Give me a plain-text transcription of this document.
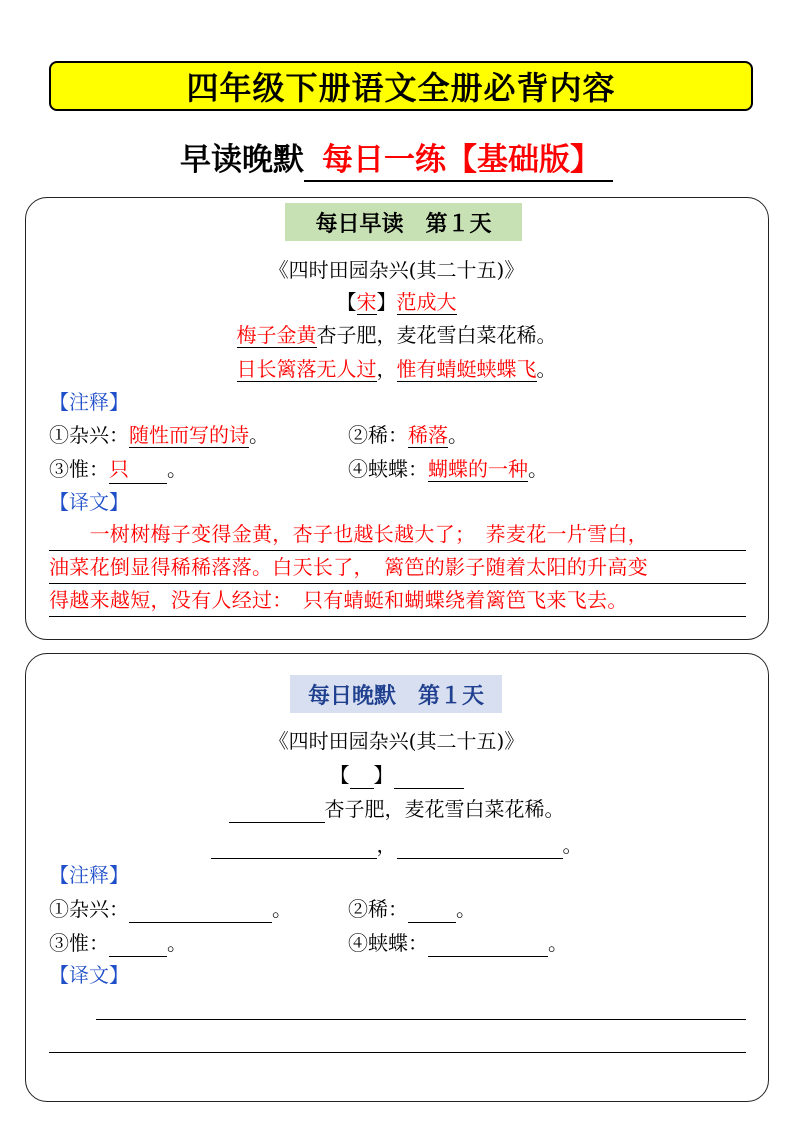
四年级下册语文全册必背内容
早读晚默 每日一练【基础版】
每日早读　第１天
《四时田园杂兴(其二十五)》
【宋】范成大
梅子金黄杏子肥，麦花雪白菜花稀。
日长篱落无人过，惟有蜻蜓蛱蝶飞。
【注释】
①杂兴：随性而写的诗。	②稀：稀落。
③惟：只 。	④蛱蝶：蝴蝶的一种。
【译文】
　　一树树梅子变得金黄，杏子也越长越大了；　荞麦花一片雪白，
油菜花倒显得稀稀落落。白天长了，　篱笆的影子随着太阳的升高变
得越来越短，没有人经过：　只有蜻蜓和蝴蝶绕着篱笆飞来飞去。
每日晚默　第１天
《四时田园杂兴(其二十五)》
【 】
杏子肥，麦花雪白菜花稀。
，	。
【注释】
①杂兴：	。	②稀： 。
③惟：	。	④蛱蝶：	。
【译文】
